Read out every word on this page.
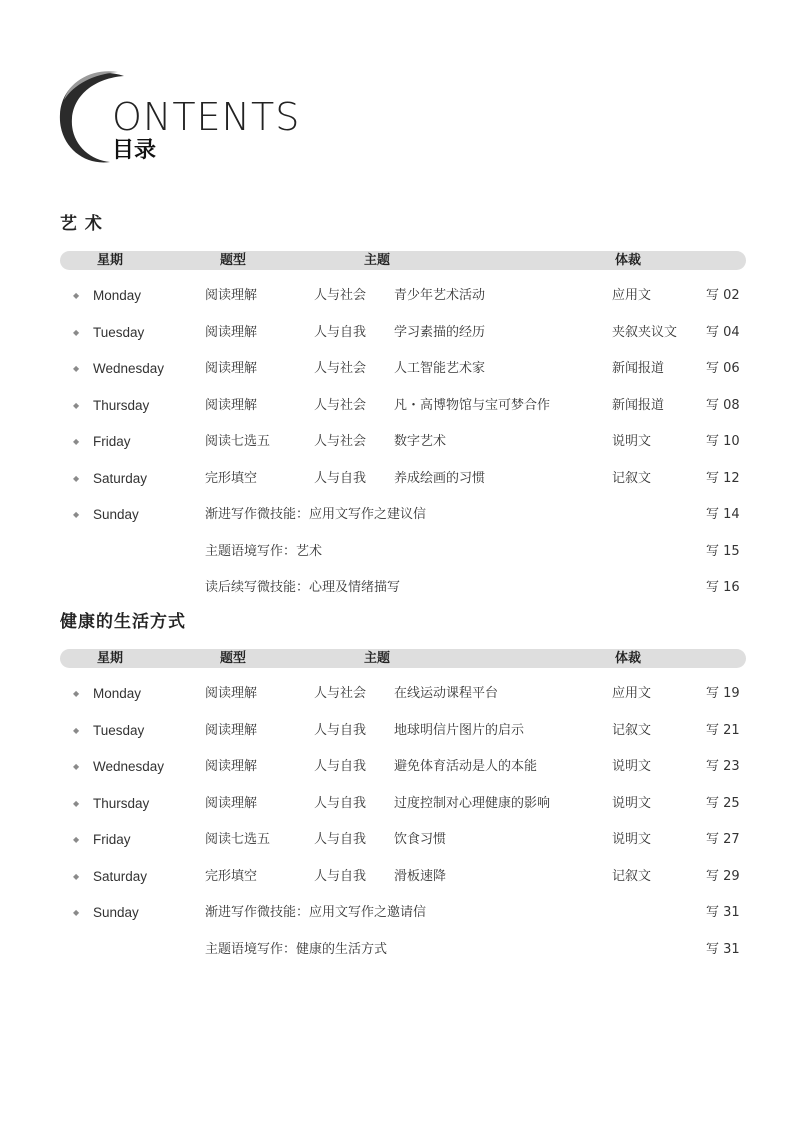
ONTENTS
目录
艺 术
星期	题型	主题	体裁
◆ Monday	阅读理解	人与社会 青少年艺术活动	应用文	写 02
◆ Tuesday	阅读理解	人与自我 学习素描的经历	夹叙夹议文 写 04
◆ Wednesday	阅读理解	人与社会 人工智能艺术家	新闻报道	写 06
◆ Thursday	阅读理解	人与社会 凡・高博物馆与宝可梦合作	新闻报道	写 08
◆ Friday	阅读七选五	人与社会 数字艺术	说明文	写 10
◆ Saturday	完形填空	人与自我 养成绘画的习惯	记叙文	写 12
◆ Sunday	渐进写作微技能：应用文写作之建议信	写 14
主题语境写作：艺术	写 15
读后续写微技能：心理及情绪描写	写 16
健康的生活方式
星期	题型	主题	体裁
◆ Monday	阅读理解	人与社会 在线运动课程平台	应用文	写 19
◆ Tuesday	阅读理解	人与自我 地球明信片图片的启示	记叙文	写 21
◆ Wednesday	阅读理解	人与自我 避免体育活动是人的本能	说明文	写 23
◆ Thursday	阅读理解	人与自我 过度控制对心理健康的影响	说明文	写 25
◆ Friday	阅读七选五	人与自我 饮食习惯	说明文	写 27
◆ Saturday	完形填空	人与自我 滑板速降	记叙文	写 29
◆ Sunday	渐进写作微技能：应用文写作之邀请信	写 31
主题语境写作：健康的生活方式	写 31
